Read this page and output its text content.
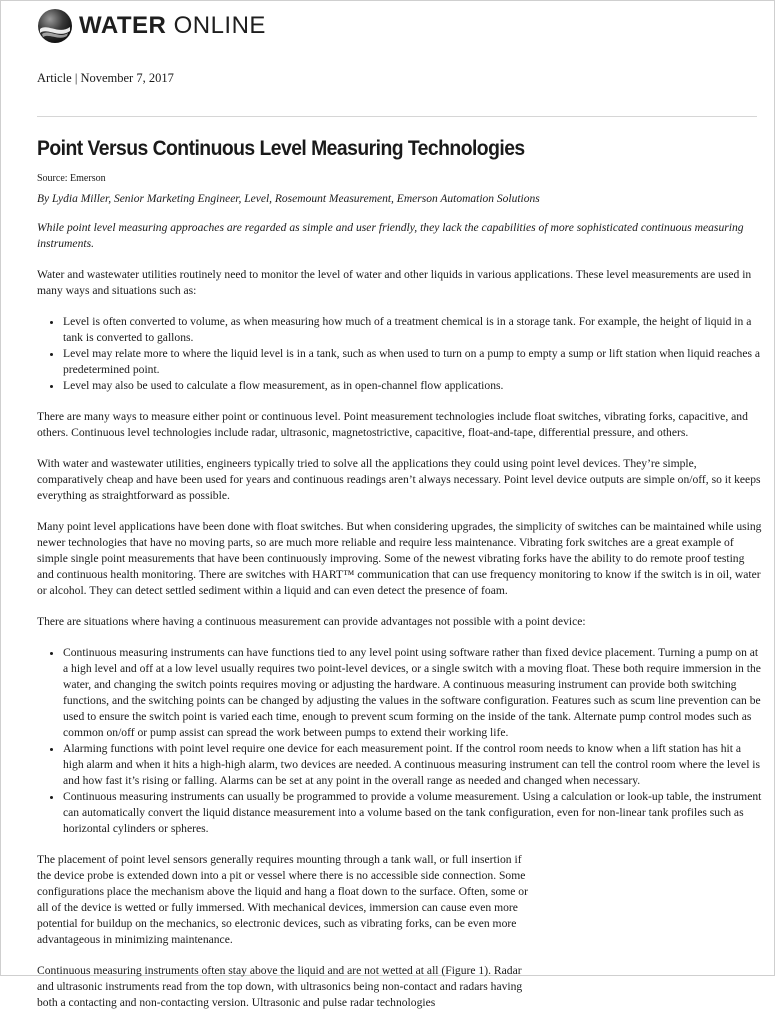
WATER ONLINE
Article | November 7, 2017
Point Versus Continuous Level Measuring Technologies
Source: Emerson
By Lydia Miller, Senior Marketing Engineer, Level, Rosemount Measurement, Emerson Automation Solutions

While point level measuring approaches are regarded as simple and user friendly, they lack the capabilities of more sophisticated continuous measuring instruments.

Water and wastewater utilities routinely need to monitor the level of water and other liquids in various applications. These level measurements are used in many ways and situations such as:

• Level is often converted to volume, as when measuring how much of a treatment chemical is in a storage tank. For example, the height of liquid in a tank is converted to gallons.
• Level may relate more to where the liquid level is in a tank, such as when used to turn on a pump to empty a sump or lift station when liquid reaches a predetermined point.
• Level may also be used to calculate a flow measurement, as in open-channel flow applications.

There are many ways to measure either point or continuous level. Point measurement technologies include float switches, vibrating forks, capacitive, and others. Continuous level technologies include radar, ultrasonic, magnetostrictive, capacitive, float-and-tape, differential pressure, and others.

With water and wastewater utilities, engineers typically tried to solve all the applications they could using point level devices. They’re simple, comparatively cheap and have been used for years and continuous readings aren’t always necessary. Point level device outputs are simple on/off, so it keeps everything as straightforward as possible.

Many point level applications have been done with float switches. But when considering upgrades, the simplicity of switches can be maintained while using newer technologies that have no moving parts, so are much more reliable and require less maintenance. Vibrating fork switches are a great example of simple single point measurements that have been continuously improving. Some of the newest vibrating forks have the ability to do remote proof testing and continuous health monitoring. There are switches with HART™ communication that can use frequency monitoring to know if the switch is in oil, water or alcohol. They can detect settled sediment within a liquid and can even detect the presence of foam.

There are situations where having a continuous measurement can provide advantages not possible with a point device:

• Continuous measuring instruments can have functions tied to any level point using software rather than fixed device placement. Turning a pump on at a high level and off at a low level usually requires two point-level devices, or a single switch with a moving float. These both require immersion in the water, and changing the switch points requires moving or adjusting the hardware. A continuous measuring instrument can provide both switching functions, and the switching points can be changed by adjusting the values in the software configuration. Features such as scum line prevention can be used to ensure the switch point is varied each time, enough to prevent scum forming on the inside of the tank. Alternate pump control modes such as common on/off or pump assist can spread the work between pumps to extend their working life.
• Alarming functions with point level require one device for each measurement point. If the control room needs to know when a lift station has hit a high alarm and when it hits a high-high alarm, two devices are needed. A continuous measuring instrument can tell the control room where the level is and how fast it’s rising or falling. Alarms can be set at any point in the overall range as needed and changed when necessary.
• Continuous measuring instruments can usually be programmed to provide a volume measurement. Using a calculation or look-up table, the instrument can automatically convert the liquid distance measurement into a volume based on the tank configuration, even for non-linear tank profiles such as horizontal cylinders or spheres.

The placement of point level sensors generally requires mounting through a tank wall, or full insertion if the device probe is extended down into a pit or vessel where there is no accessible side connection. Some configurations place the mechanism above the liquid and hang a float down to the surface. Often, some or all of the device is wetted or fully immersed. With mechanical devices, immersion can cause even more potential for buildup on the mechanics, so electronic devices, such as vibrating forks, can be even more advantageous in minimizing maintenance.

Continuous measuring instruments often stay above the liquid and are not wetted at all (Figure 1). Radar and ultrasonic instruments read from the top down, with ultrasonics being non-contact and radars having both a contacting and non-contacting version. Ultrasonic and pulse radar technologies
